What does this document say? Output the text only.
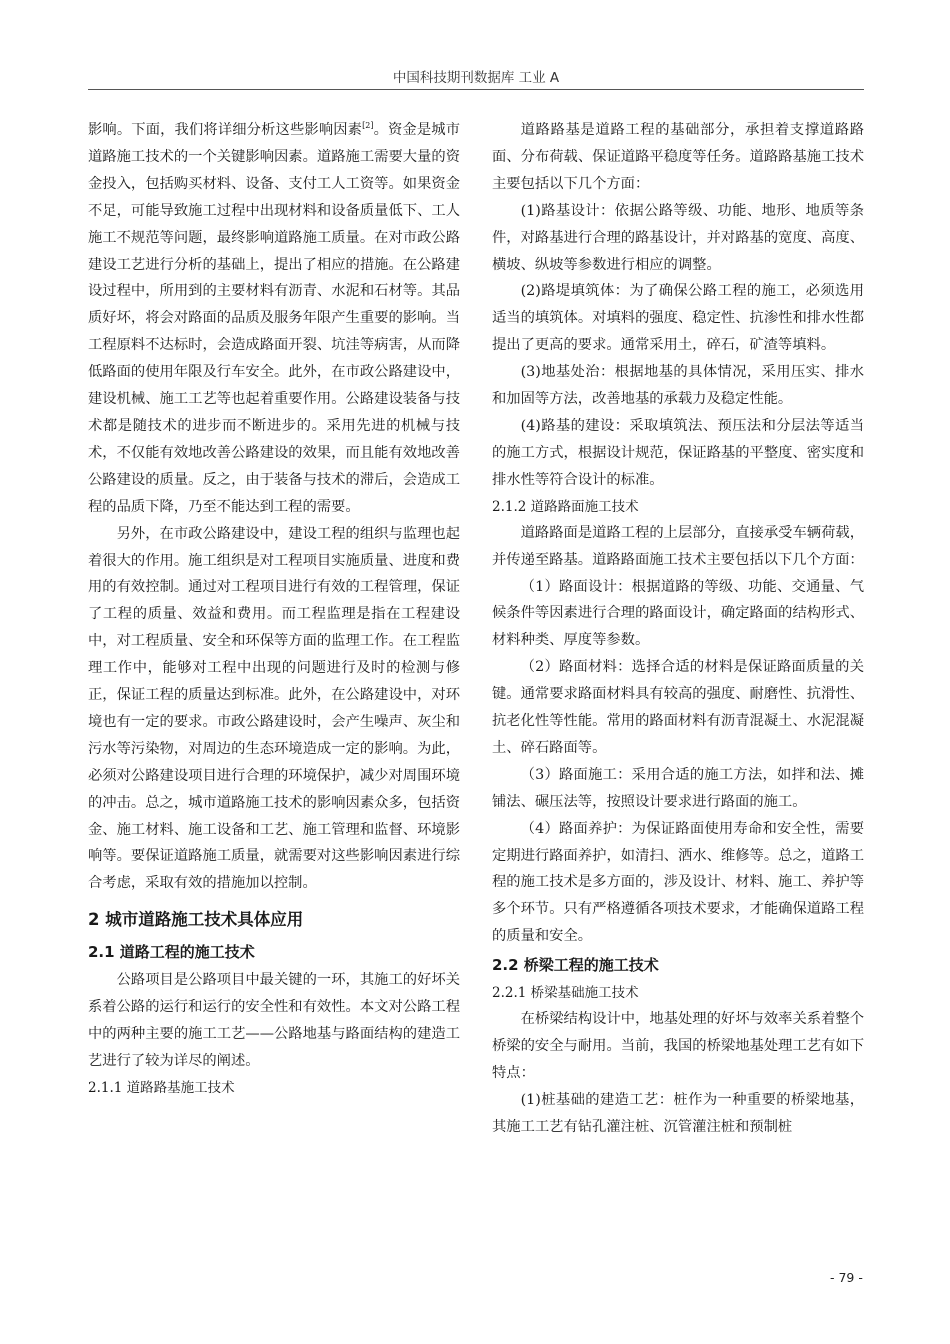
中国科技期刊数据库 工业 A

影响。下面，我们将详细分析这些影响因素[2]。资金是城市道路施工技术的一个关键影响因素。道路施工需要大量的资金投入，包括购买材料、设备、支付工人工资等。如果资金不足，可能导致施工过程中出现材料和设备质量低下、工人施工不规范等问题，最终影响道路施工质量。在对市政公路建设工艺进行分析的基础上，提出了相应的措施。在公路建设过程中，所用到的主要材料有沥青、水泥和石材等。其品质好坏，将会对路面的品质及服务年限产生重要的影响。当工程原料不达标时，会造成路面开裂、坑洼等病害，从而降低路面的使用年限及行车安全。此外，在市政公路建设中，建设机械、施工工艺等也起着重要作用。公路建设装备与技术都是随技术的进步而不断进步的。采用先进的机械与技术，不仅能有效地改善公路建设的效果，而且能有效地改善公路建设的质量。反之，由于装备与技术的滞后，会造成工程的品质下降，乃至不能达到工程的需要。

另外，在市政公路建设中，建设工程的组织与监理也起着很大的作用。施工组织是对工程项目实施质量、进度和费用的有效控制。通过对工程项目进行有效的工程管理，保证了工程的质量、效益和费用。而工程监理是指在工程建设中，对工程质量、安全和环保等方面的监理工作。在工程监理工作中，能够对工程中出现的问题进行及时的检测与修正，保证工程的质量达到标准。此外，在公路建设中，对环境也有一定的要求。市政公路建设时，会产生噪声、灰尘和污水等污染物，对周边的生态环境造成一定的影响。为此，必须对公路建设项目进行合理的环境保护，减少对周围环境的冲击。总之，城市道路施工技术的影响因素众多，包括资金、施工材料、施工设备和工艺、施工管理和监督、环境影响等。要保证道路施工质量，就需要对这些影响因素进行综合考虑，采取有效的措施加以控制。

2 城市道路施工技术具体应用
2.1 道路工程的施工技术

公路项目是公路项目中最关键的一环，其施工的好坏关系着公路的运行和运行的安全性和有效性。本文对公路工程中的两种主要的施工工艺——公路地基与路面结构的建造工艺进行了较为详尽的阐述。

2.1.1 道路路基施工技术

道路路基是道路工程的基础部分，承担着支撑道路路面、分布荷载、保证道路平稳度等任务。道路路基施工技术主要包括以下几个方面：

(1)路基设计：依据公路等级、功能、地形、地质等条件，对路基进行合理的路基设计，并对路基的宽度、高度、横坡、纵坡等参数进行相应的调整。

(2)路堤填筑体：为了确保公路工程的施工，必须选用适当的填筑体。对填料的强度、稳定性、抗渗性和排水性都提出了更高的要求。通常采用土，碎石，矿渣等填料。

(3)地基处治：根据地基的具体情况，采用压实、排水和加固等方法，改善地基的承载力及稳定性能。

(4)路基的建设：采取填筑法、预压法和分层法等适当的施工方式，根据设计规范，保证路基的平整度、密实度和排水性等符合设计的标准。

2.1.2 道路路面施工技术

道路路面是道路工程的上层部分，直接承受车辆荷载，并传递至路基。道路路面施工技术主要包括以下几个方面：

（1）路面设计：根据道路的等级、功能、交通量、气候条件等因素进行合理的路面设计，确定路面的结构形式、材料种类、厚度等参数。

（2）路面材料：选择合适的材料是保证路面质量的关键。通常要求路面材料具有较高的强度、耐磨性、抗滑性、抗老化性等性能。常用的路面材料有沥青混凝土、水泥混凝土、碎石路面等。

（3）路面施工：采用合适的施工方法，如拌和法、摊铺法、碾压法等，按照设计要求进行路面的施工。

（4）路面养护：为保证路面使用寿命和安全性，需要定期进行路面养护，如清扫、洒水、维修等。总之，道路工程的施工技术是多方面的，涉及设计、材料、施工、养护等多个环节。只有严格遵循各项技术要求，才能确保道路工程的质量和安全。

2.2 桥梁工程的施工技术
2.2.1 桥梁基础施工技术

在桥梁结构设计中，地基处理的好坏与效率关系着整个桥梁的安全与耐用。当前，我国的桥梁地基处理工艺有如下特点：

(1)桩基础的建造工艺：桩作为一种重要的桥梁地基，其施工工艺有钻孔灌注桩、沉管灌注桩和预制桩

- 79 -
